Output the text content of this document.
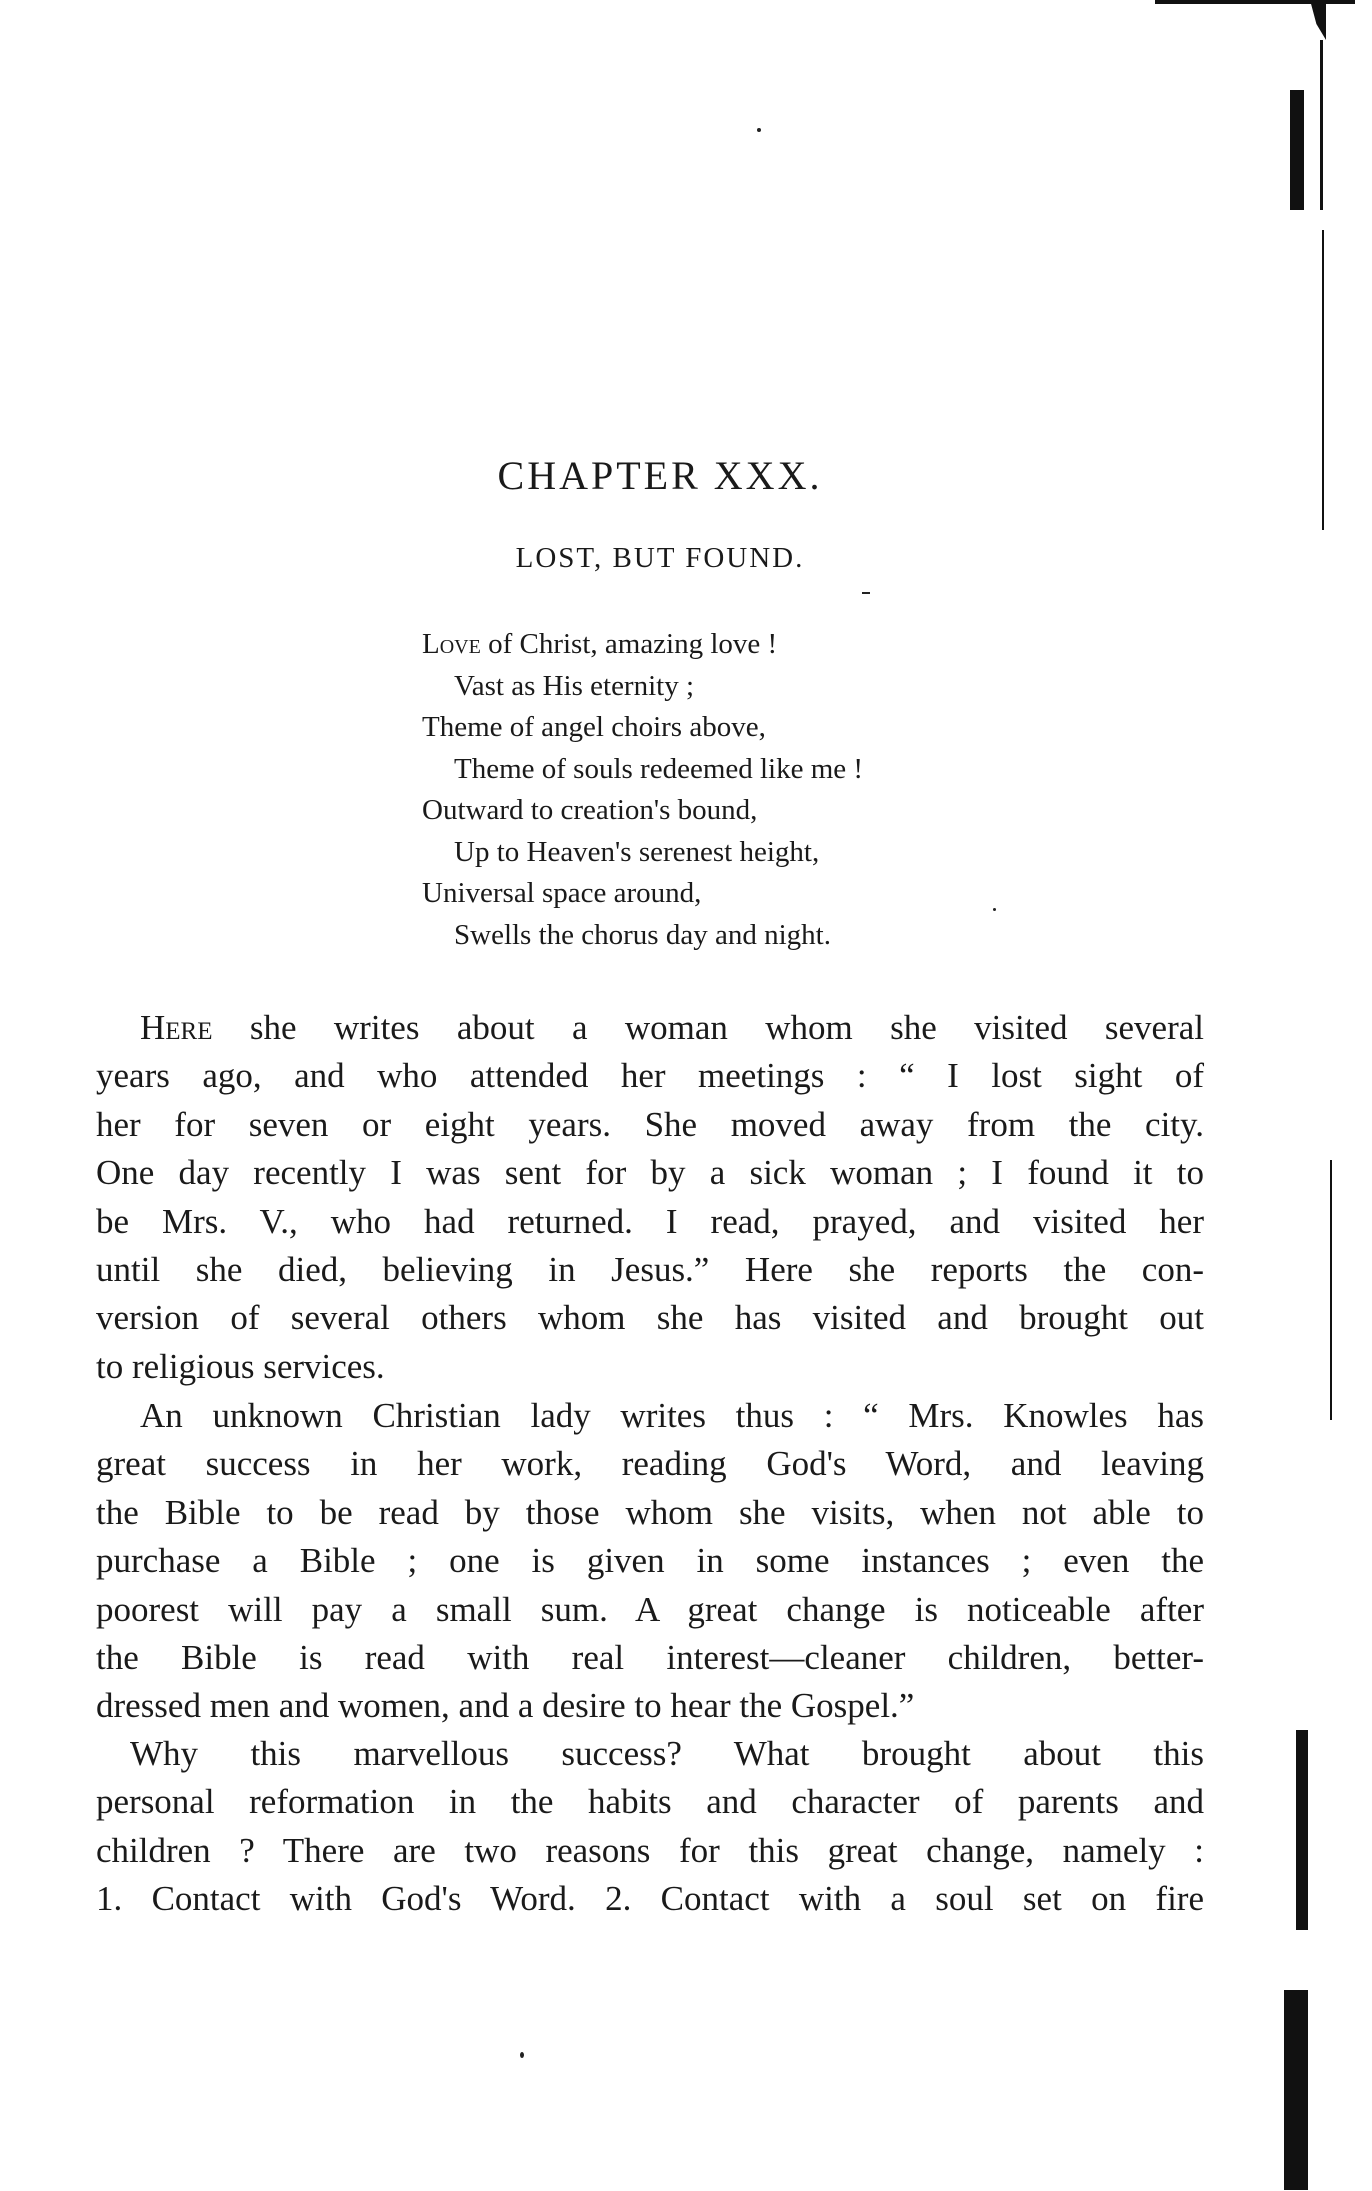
CHAPTER XXX.
LOST, BUT FOUND.
Love of Christ, amazing love !
Vast as His eternity ;
Theme of angel choirs above,
Theme of souls redeemed like me !
Outward to creation's bound,
Up to Heaven's serenest height,
Universal space around,
Swells the chorus day and night.
Here she writes about a woman whom she visited several
years ago, and who attended her meetings : “ I lost sight of
her for seven or eight years. She moved away from the city.
One day recently I was sent for by a sick woman ; I found it to
be Mrs. V., who had returned. I read, prayed, and visited her
until she died, believing in Jesus.” Here she reports the con-
version of several others whom she has visited and brought out
to religious services.
An unknown Christian lady writes thus : “ Mrs. Knowles has
great success in her work, reading God's Word, and leaving
the Bible to be read by those whom she visits, when not able to
purchase a Bible ; one is given in some instances ; even the
poorest will pay a small sum. A great change is noticeable after
the Bible is read with real interest—cleaner children, better-
dressed men and women, and a desire to hear the Gospel.”
Why this marvellous success? What brought about this
personal reformation in the habits and character of parents and
children ? There are two reasons for this great change, namely :
1. Contact with God's Word. 2. Contact with a soul set on fire
